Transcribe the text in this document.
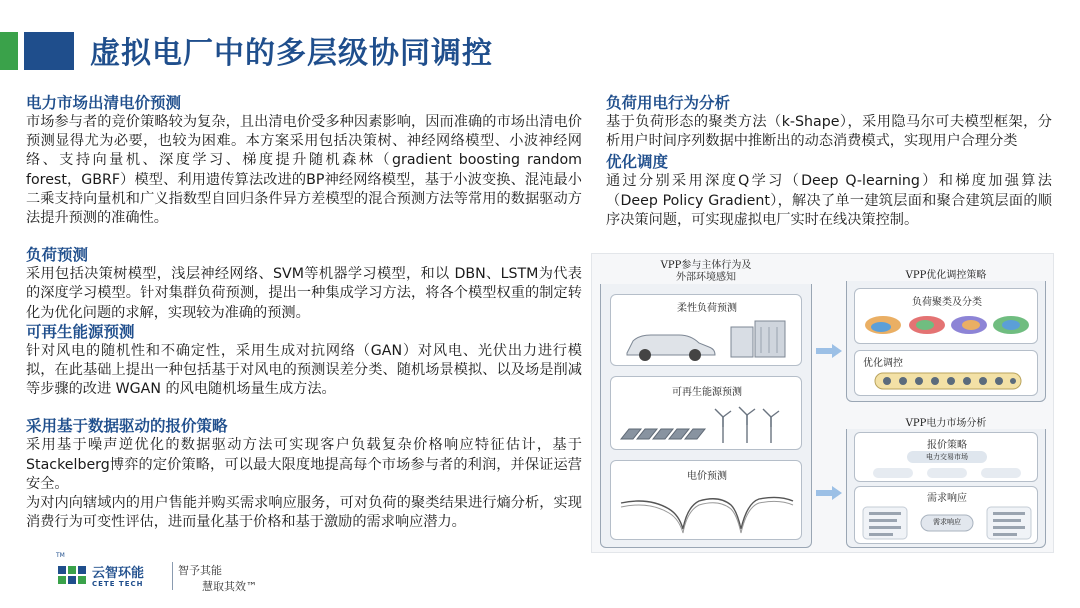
虚拟电厂中的多层级协同调控
电力市场出清电价预测
市场参与者的竞价策略较为复杂，且出清电价受多种因素影响，因而准确的市场出清电价预测显得尤为必要，也较为困难。本方案采用包括决策树、神经网络模型、小波神经网络、支持向量机、深度学习、梯度提升随机森林（gradient boosting random forest，GBRF）模型、利用遗传算法改进的BP神经网络模型，基于小波变换、混沌最小二乘支持向量机和广义指数型自回归条件异方差模型的混合预测方法等常用的数据驱动方法提升预测的准确性。
负荷预测
采用包括决策树模型，浅层神经网络、SVM等机器学习模型，和以 DBN、LSTM为代表的深度学习模型。针对集群负荷预测，提出一种集成学习方法，将各个模型权重的制定转化为优化问题的求解，实现较为准确的预测。
可再生能源预测
针对风电的随机性和不确定性，采用生成对抗网络（GAN）对风电、光伏出力进行模拟，在此基础上提出一种包括基于对风电的预测误差分类、随机场景模拟、以及场是削减等步骤的改进 WGAN 的风电随机场量生成方法。
采用基于数据驱动的报价策略
采用基于噪声逆优化的数据驱动方法可实现客户负载复杂价格响应特征估计，基于Stackelberg博弈的定价策略，可以最大限度地提高每个市场参与者的利润，并保证运营安全。
为对内向辖域内的用户售能并购买需求响应服务，可对负荷的聚类结果进行熵分析，实现消费行为可变性评估，进而量化基于价格和基于激励的需求响应潜力。
负荷用电行为分析
基于负荷形态的聚类方法（k-Shape），采用隐马尔可夫模型框架，分析用户时间序列数据中推断出的动态消费模式，实现用户合理分类
优化调度
通过分别采用深度Q学习（Deep Q-learning）和梯度加强算法（Deep Policy Gradient），解决了单一建筑层面和聚合建筑层面的顺序决策问题，可实现虚拟电厂实时在线决策控制。
VPP参与主体行为及
外部环境感知
柔性负荷预测
可再生能源预测
电价预测
VPP优化调控策略
负荷聚类及分类
优化调控
VPP电力市场分析
报价策略
电力交易市场
需求响应
需求响应
TM
云智环能
CETE TECH
智予其能
慧取其效™
